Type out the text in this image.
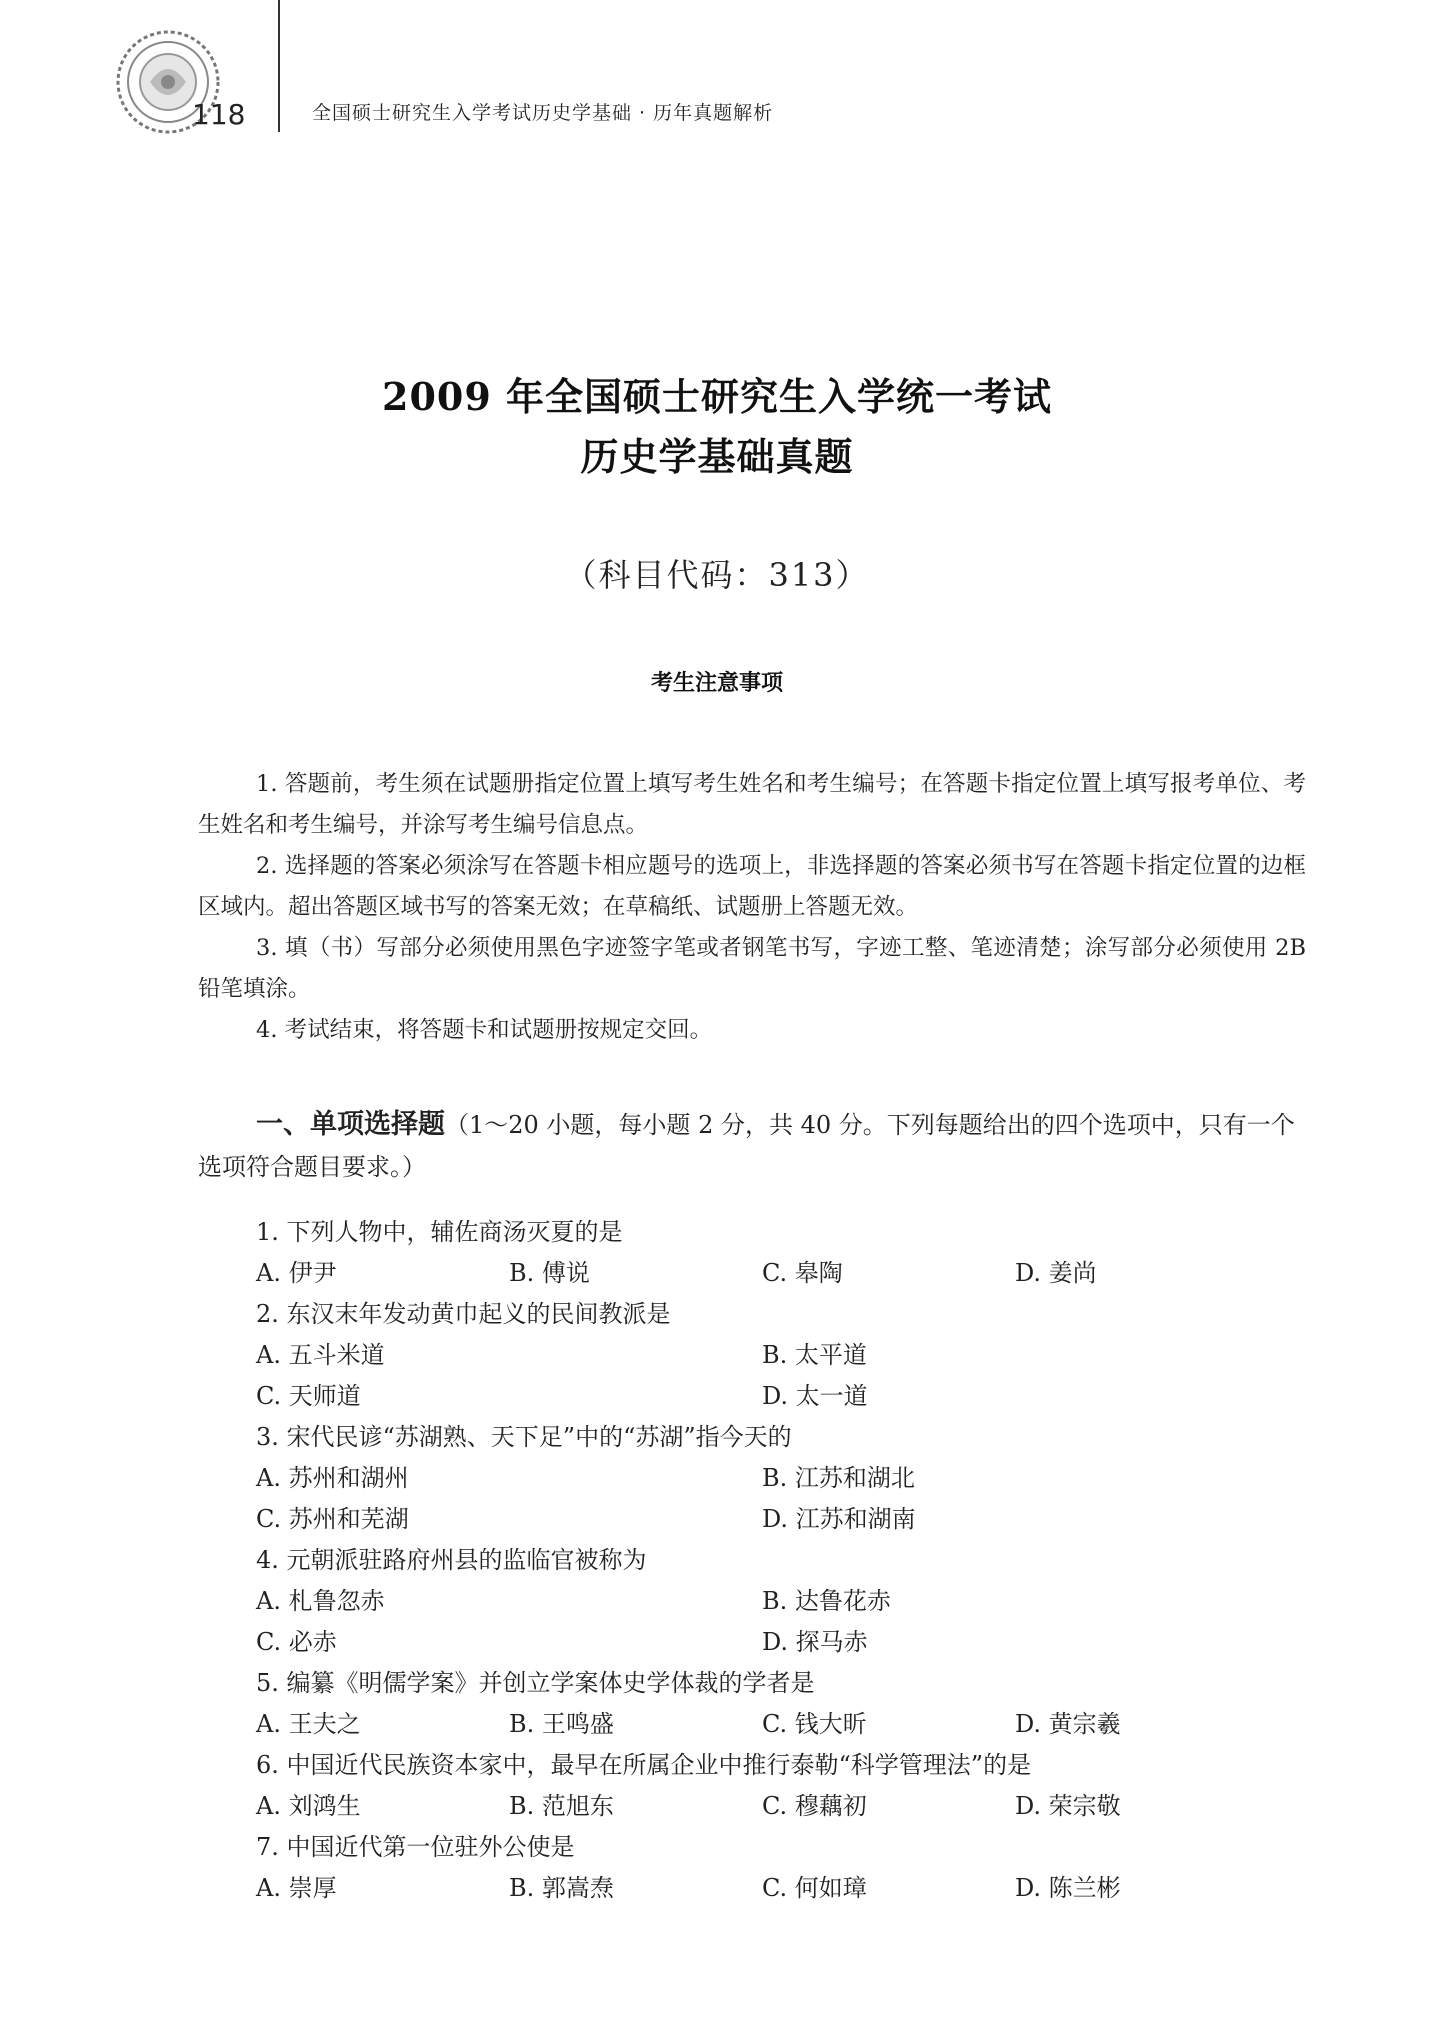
118	全国硕士研究生入学考试历史学基础 · 历年真题解析
2009 年全国硕士研究生入学统一考试
历史学基础真题
（科目代码：313）
考生注意事项

1. 答题前，考生须在试题册指定位置上填写考生姓名和考生编号；在答题卡指定位置上填写报考单位、考生姓名和考生编号，并涂写考生编号信息点。

2. 选择题的答案必须涂写在答题卡相应题号的选项上，非选择题的答案必须书写在答题卡指定位置的边框区域内。超出答题区域书写的答案无效；在草稿纸、试题册上答题无效。

3. 填（书）写部分必须使用黑色字迹签字笔或者钢笔书写，字迹工整、笔迹清楚；涂写部分必须使用 2B 铅笔填涂。

4. 考试结束，将答题卡和试题册按规定交回。

一、单项选择题（1～20 小题，每小题 2 分，共 40 分。下列每题给出的四个选项中，只有一个选项符合题目要求。）

1. 下列人物中，辅佐商汤灭夏的是
A. 伊尹	B. 傅说	C. 皋陶	D. 姜尚
2. 东汉末年发动黄巾起义的民间教派是
A. 五斗米道	B. 太平道
C. 天师道	D. 太一道
3. 宋代民谚“苏湖熟、天下足”中的“苏湖”指今天的
A. 苏州和湖州	B. 江苏和湖北
C. 苏州和芜湖	D. 江苏和湖南
4. 元朝派驻路府州县的监临官被称为
A. 札鲁忽赤	B. 达鲁花赤
C. 必赤	D. 探马赤
5. 编纂《明儒学案》并创立学案体史学体裁的学者是
A. 王夫之	B. 王鸣盛	C. 钱大昕	D. 黄宗羲
6. 中国近代民族资本家中，最早在所属企业中推行泰勒“科学管理法”的是
A. 刘鸿生	B. 范旭东	C. 穆藕初	D. 荣宗敬
7. 中国近代第一位驻外公使是
A. 崇厚	B. 郭嵩焘	C. 何如璋	D. 陈兰彬
